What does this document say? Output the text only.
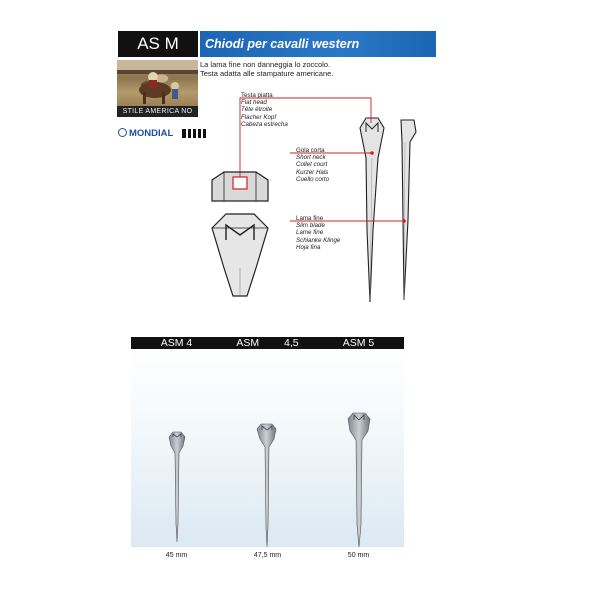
AS M	Chiodi per cavalli western
STILE AMERICA NO
La lama fine non danneggia lo zoccolo.
Testa adatta alle stampature americane.
MONDIAL
Testa piatta
Flat head
Tête étroite
Flacher Kopf
Cabeza estrecha
Gola corta
Short neck
Collet court
Kurzer Hals
Cuello corto
Lama fine
Slim blade
Lame fine
Schlanke Klinge
Hoja fina
ASM 4
45 mm
ASM 4,5
47,5 mm
ASM 5
50 mm
